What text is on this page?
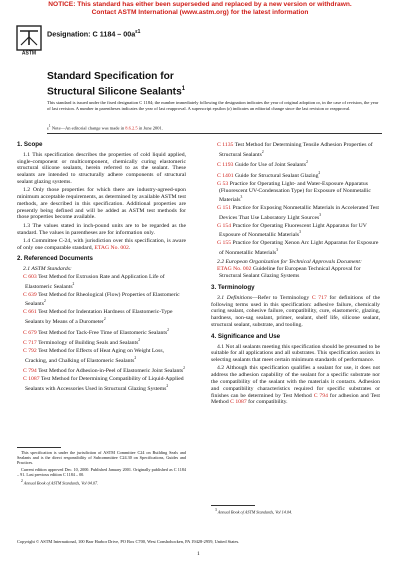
NOTICE: This standard has either been superseded and replaced by a new version or withdrawn.
Contact ASTM International (www.astm.org) for the latest information
ASTM
Designation: C $1184 - 00a^{\varepsilon 1}$
Standard Specification for
Structural Silicone Sealants$^1$
This standard is issued under the fixed designation C 1184; the number immediately following the designation indicates the year of original adoption or, in the case of revision, the year of last revision. A number in parentheses indicates the year of last reapproval. A superscript epsilon (ε) indicates an editorial change since the last revision or reapproval.
$\varepsilon^1$ Note—An editorial change was made in 8.6.2.5 in June 2001.
1. Scope

1.1 This specification describes the properties of cold liquid applied, single-component or multicomponent, chemically curing elastomeric structural silicone sealants, herein referred to as the sealant. These sealants are intended to structurally adhere components of structural sealant glazing systems.

1.2 Only those properties for which there are industry-agreed-upon minimum acceptable requirements, as determined by available ASTM test methods, are described in this specification. Additional properties are presently being defined and will be added as ASTM test methods for those properties become available.

1.3 The values stated in inch-pound units are to be regarded as the standard. The values in parentheses are for information only.

1.4 Committee C-24, with jurisdiction over this specification, is aware of only one comparable standard, ETAG No. 002.

2. Referenced Documents
2.1 ASTM Standards:
C 603 Test Method for Extrusion Rate and Application Life of Elastomeric Sealants$^2$
C 639 Test Method for Rheological (Flow) Properties of Elastomeric Sealants$^2$
C 661 Test Method for Indentation Hardness of Elastomeric-Type Sealants by Means of a Durometer$^2$
C 679 Test Method for Tack-Free Time of Elastomeric Sealants$^2$
C 717 Terminology of Building Seals and Sealants$^2$
C 792 Test Method for Effects of Heat Aging on Weight Loss, Cracking, and Chalking of Elastomeric Sealants$^2$
C 794 Test Method for Adhesion-in-Peel of Elastomeric Joint Sealants$^2$
C 1087 Test Method for Determining Compatibility of Liquid-Applied Sealants with Accessories Used in Structural Glazing Systems$^2$

This specification is under the jurisdiction of ASTM Committee C24 on Building Seals and Sealants and is the direct responsibility of Subcommittee C24.30 on Specifications, Guides and Practices.

Current edition approved Dec. 10, 2000. Published January 2001. Originally published as C 1184 – 91. Last previous edition C 1184 – 00.

$^2$ Annual Book of ASTM Standards, Vol 04.07.

C 1135 Test Method for Determining Tensile Adhesion Properties of Structural Sealants$^2$
C 1193 Guide for Use of Joint Sealants$^2$
C 1401 Guide for Structural Sealant Glazing$^2$
G 53 Practice for Operating Light- and Water-Exposure Apparatus (Fluorescent UV-Condensation Type) for Exposure of Nonmetallic Materials$^3$
G 151 Practice for Exposing Nonmetallic Materials in Accelerated Test Devices That Use Laboratory Light Sources$^3$
G 154 Practice for Operating Fluorescent Light Apparatus for UV Exposure of Nonmetallic Materials$^3$
G 155 Practice for Operating Xenon Arc Light Apparatus for Exposure of Nonmetallic Materials$^3$
2.2 European Organization for Technical Approvals Document:
ETAG No. 002 Guideline for European Technical Approval for Structural Sealant Glazing Systems
3. Terminology

3.1 Definitions—Refer to Terminology C 717 for definitions of the following terms used in this specification: adhesive failure, chemically curing sealant, cohesive failure, compatibility, cure, elastomeric, glazing, hardness, non-sag sealant, primer, sealant, shelf life, silicone sealant, structural sealant, substrate, and tooling.

4. Significance and Use

4.1 Not all sealants meeting this specification should be presumed to be suitable for all applications and all substrates. This specification assists in selecting sealants that meet certain minimum standards of performance.

4.2 Although this specification qualifies a sealant for use, it does not address the adhesion capability of the sealant for a specific substrate nor the compatibility of the sealant with the materials it contacts. Adhesion and compatibility characteristics required for specific substrates or finishes can be determined by Test Method C 794 for adhesion and Test Method C 1087 for compatibility.

$^3$ Annual Book of ASTM Standards, Vol 14.04.

Copyright © ASTM International, 100 Barr Harbor Drive, PO Box C700, West Conshohocken, PA 19428-2959, United States.
1
